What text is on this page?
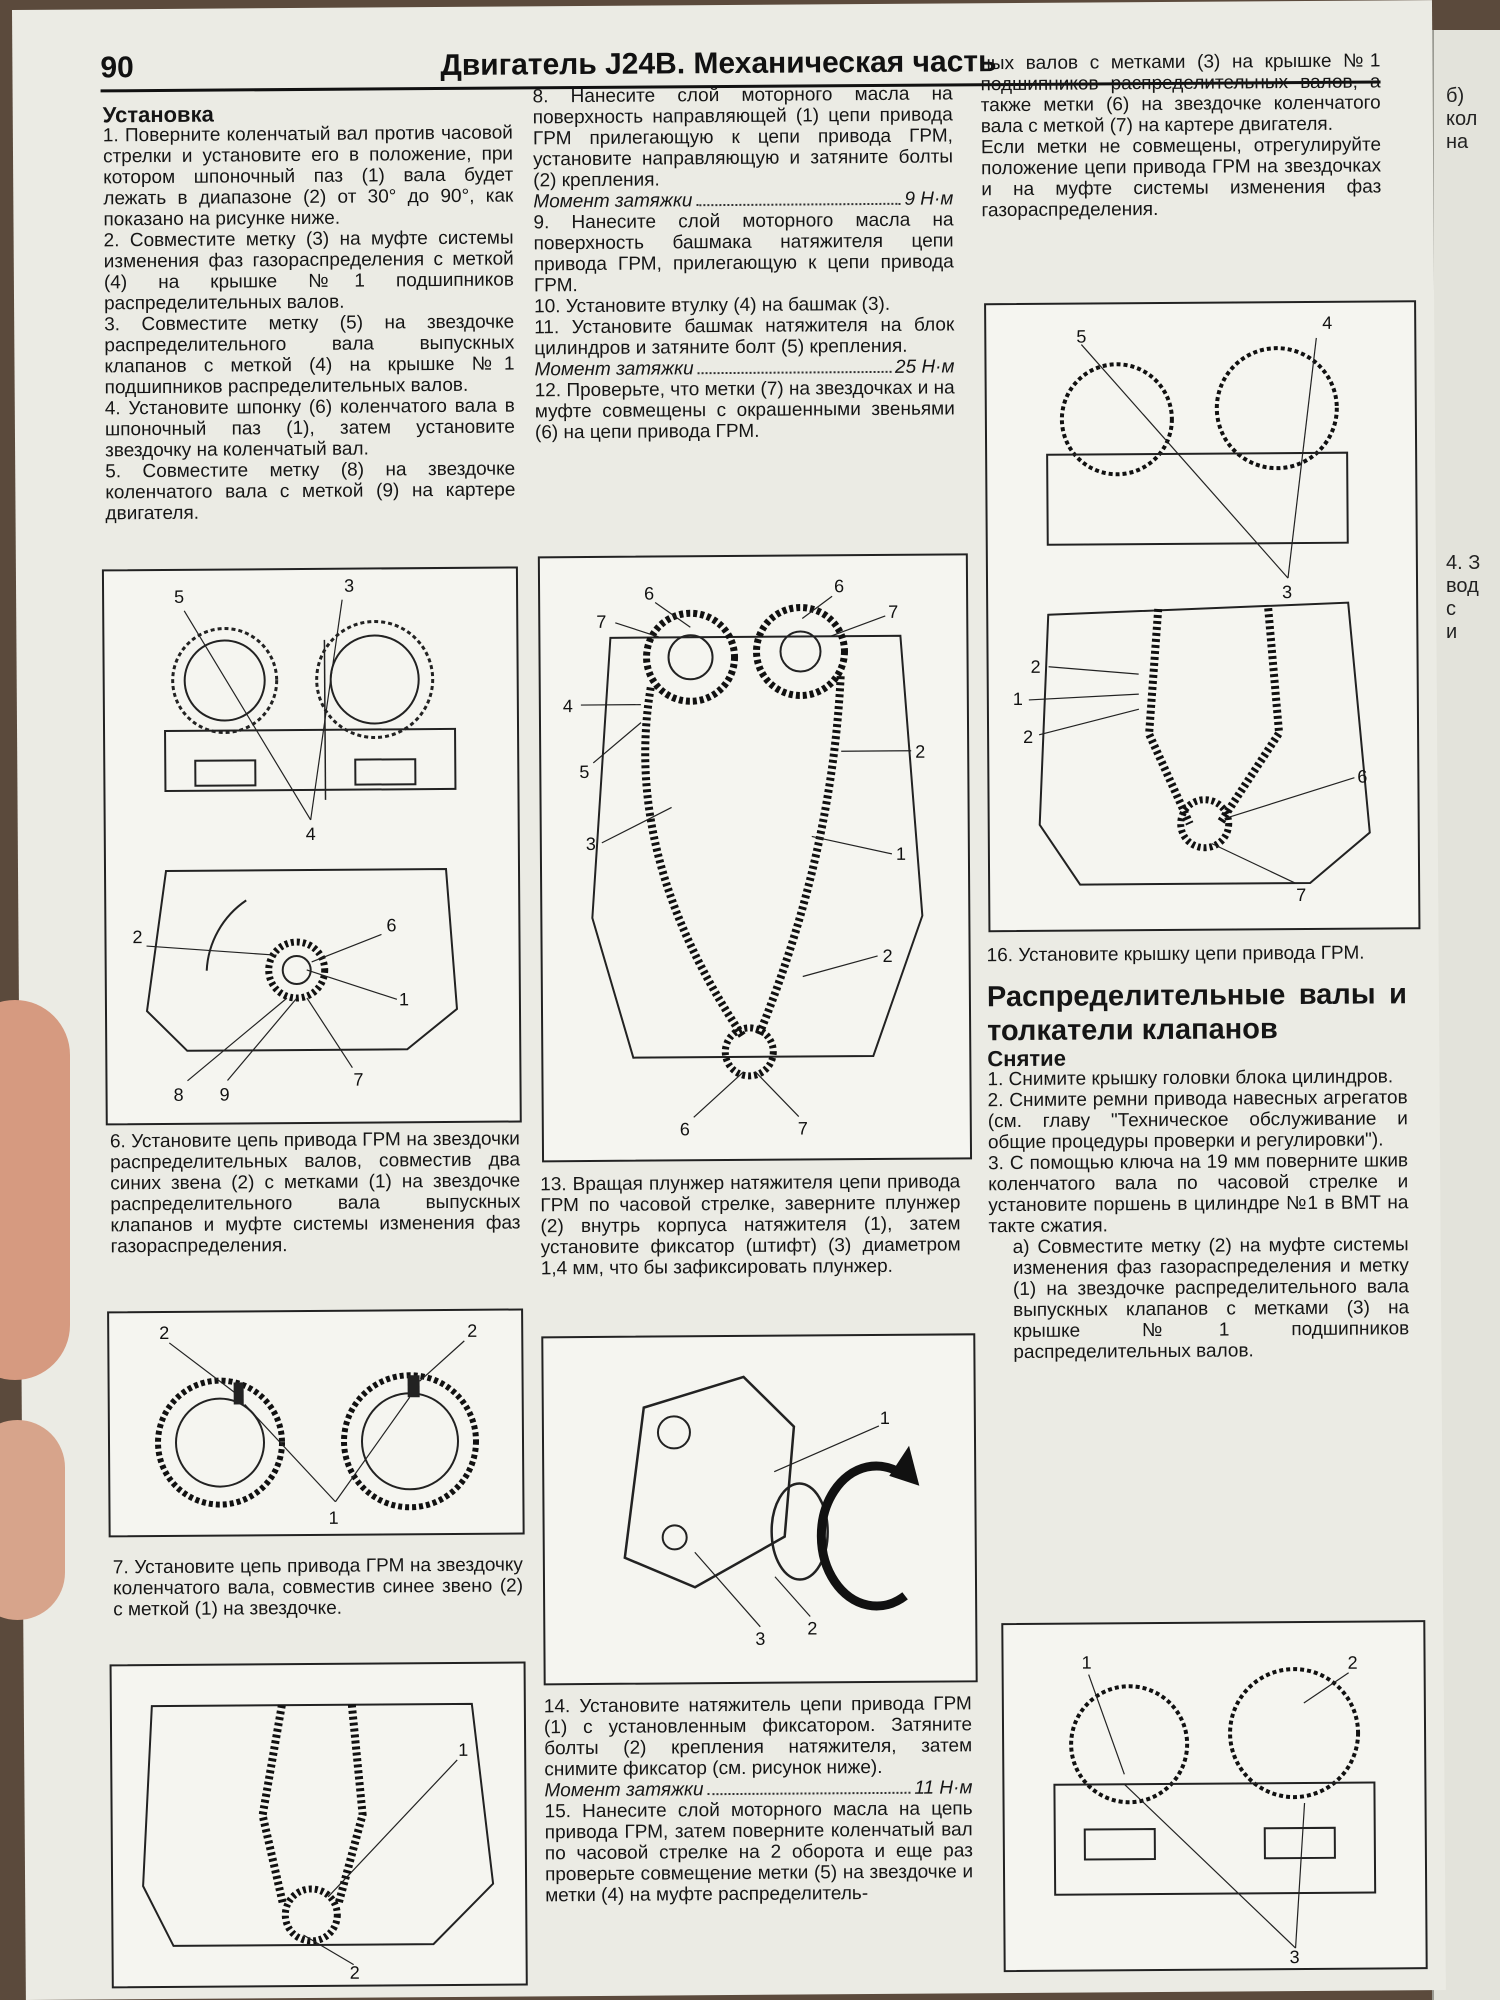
б)
кол
на
4. З
вод
с
и
90	Двигатель J24B. Механическая часть

Установка

1. Поверните коленчатый вал против часовой стрелки и установите его в положение, при котором шпоночный паз (1) вала будет лежать в диапазоне (2) от 30° до 90°, как показано на рисунке ниже.

2. Совместите метку (3) на муфте системы изменения фаз газораспределения с меткой (4) на крышке №1 подшипников распределительных валов.

3. Совместите метку (5) на звездочке распределительного вала выпускных клапанов с меткой (4) на крышке №1 подшипников распределительных валов.

4. Установите шпонку (6) коленчатого вала в шпоночный паз (1), затем установите звездочку на коленчатый вал.

5. Совместите метку (8) на звездочке коленчатого вала с меткой (9) на картере двигателя.

5
3
4
2
6
1
8 9
7

6. Установите цепь привода ГРМ на звездочки распределительных валов, совместив два синих звена (2) с метками (1) на звездочке распределительного вала выпускных клапанов и муфте системы изменения фаз газораспределения.

2	2
1

7. Установите цепь привода ГРМ на звездочку коленчатого вала, совместив синее звено (2) с меткой (1) на звездочке.

1
2

8. Нанесите слой моторного масла на поверхность направляющей (1) цепи привода ГРМ прилегающую к цепи привода ГРМ, установите направляющую и затяните болты (2) крепления.

Момент затяжки	9 Н·м

9. Нанесите слой моторного масла на поверхность башмака натяжителя цепи привода ГРМ, прилегающую к цепи привода ГРМ.

10. Установите втулку (4) на башмак (3).

11. Установите башмак натяжителя на блок цилиндров и затяните болт (5) крепления.

Момент затяжки	25 Н·м

12. Проверьте, что метки (7) на звездочках и на муфте совмещены с окрашенными звеньями (6) на цепи привода ГРМ.

6	6
7
7
4
5
2
3	1
2
6	7

13. Вращая плунжер натяжителя цепи привода ГРМ по часовой стрелке, заверните плунжер (2) внутрь корпуса натяжителя (1), затем установите фиксатор (штифт) (3) диаметром 1,4 мм, что бы зафиксировать плунжер.

1
3
2

14. Установите натяжитель цепи привода ГРМ (1) с установленным фиксатором. Затяните болты (2) крепления натяжителя, затем снимите фиксатор (см. рисунок ниже).

Момент затяжки	11 Н·м

15. Нанесите слой моторного масла на цепь привода ГРМ, затем поверните коленчатый вал по часовой стрелке на 2 оборота и еще раз проверьте совмещение метки (5) на звездочке и метки (4) на муфте распределитель-

ных валов с метками (3) на крышке №1 подшипников распределительных валов, а также метки (6) на звездочке коленчатого вала с меткой (7) на картере двигателя.

Если метки не совмещены, отрегулируйте положение цепи привода ГРМ на звездочках и на муфте системы изменения фаз газораспределения.

5
4
3
2
1
2
6
7

16. Установите крышку цепи привода ГРМ.

Распределительные валы и толкатели клапанов

Снятие

1. Снимите крышку головки блока цилиндров.

2. Снимите ремни привода навесных агрегатов (см. главу "Техническое обслуживание и общие процедуры проверки и регулировки").

3. С помощью ключа на 19 мм поверните шкив коленчатого вала по часовой стрелке и установите поршень в цилиндре №1 в ВМТ на такте сжатия.

а) Совместите метку (2) на муфте системы изменения фаз газораспределения и метку (1) на звездочке распределительного вала выпускных клапанов с метками (3) на крышке №1 подшипников распределительных валов.

1	2
3
